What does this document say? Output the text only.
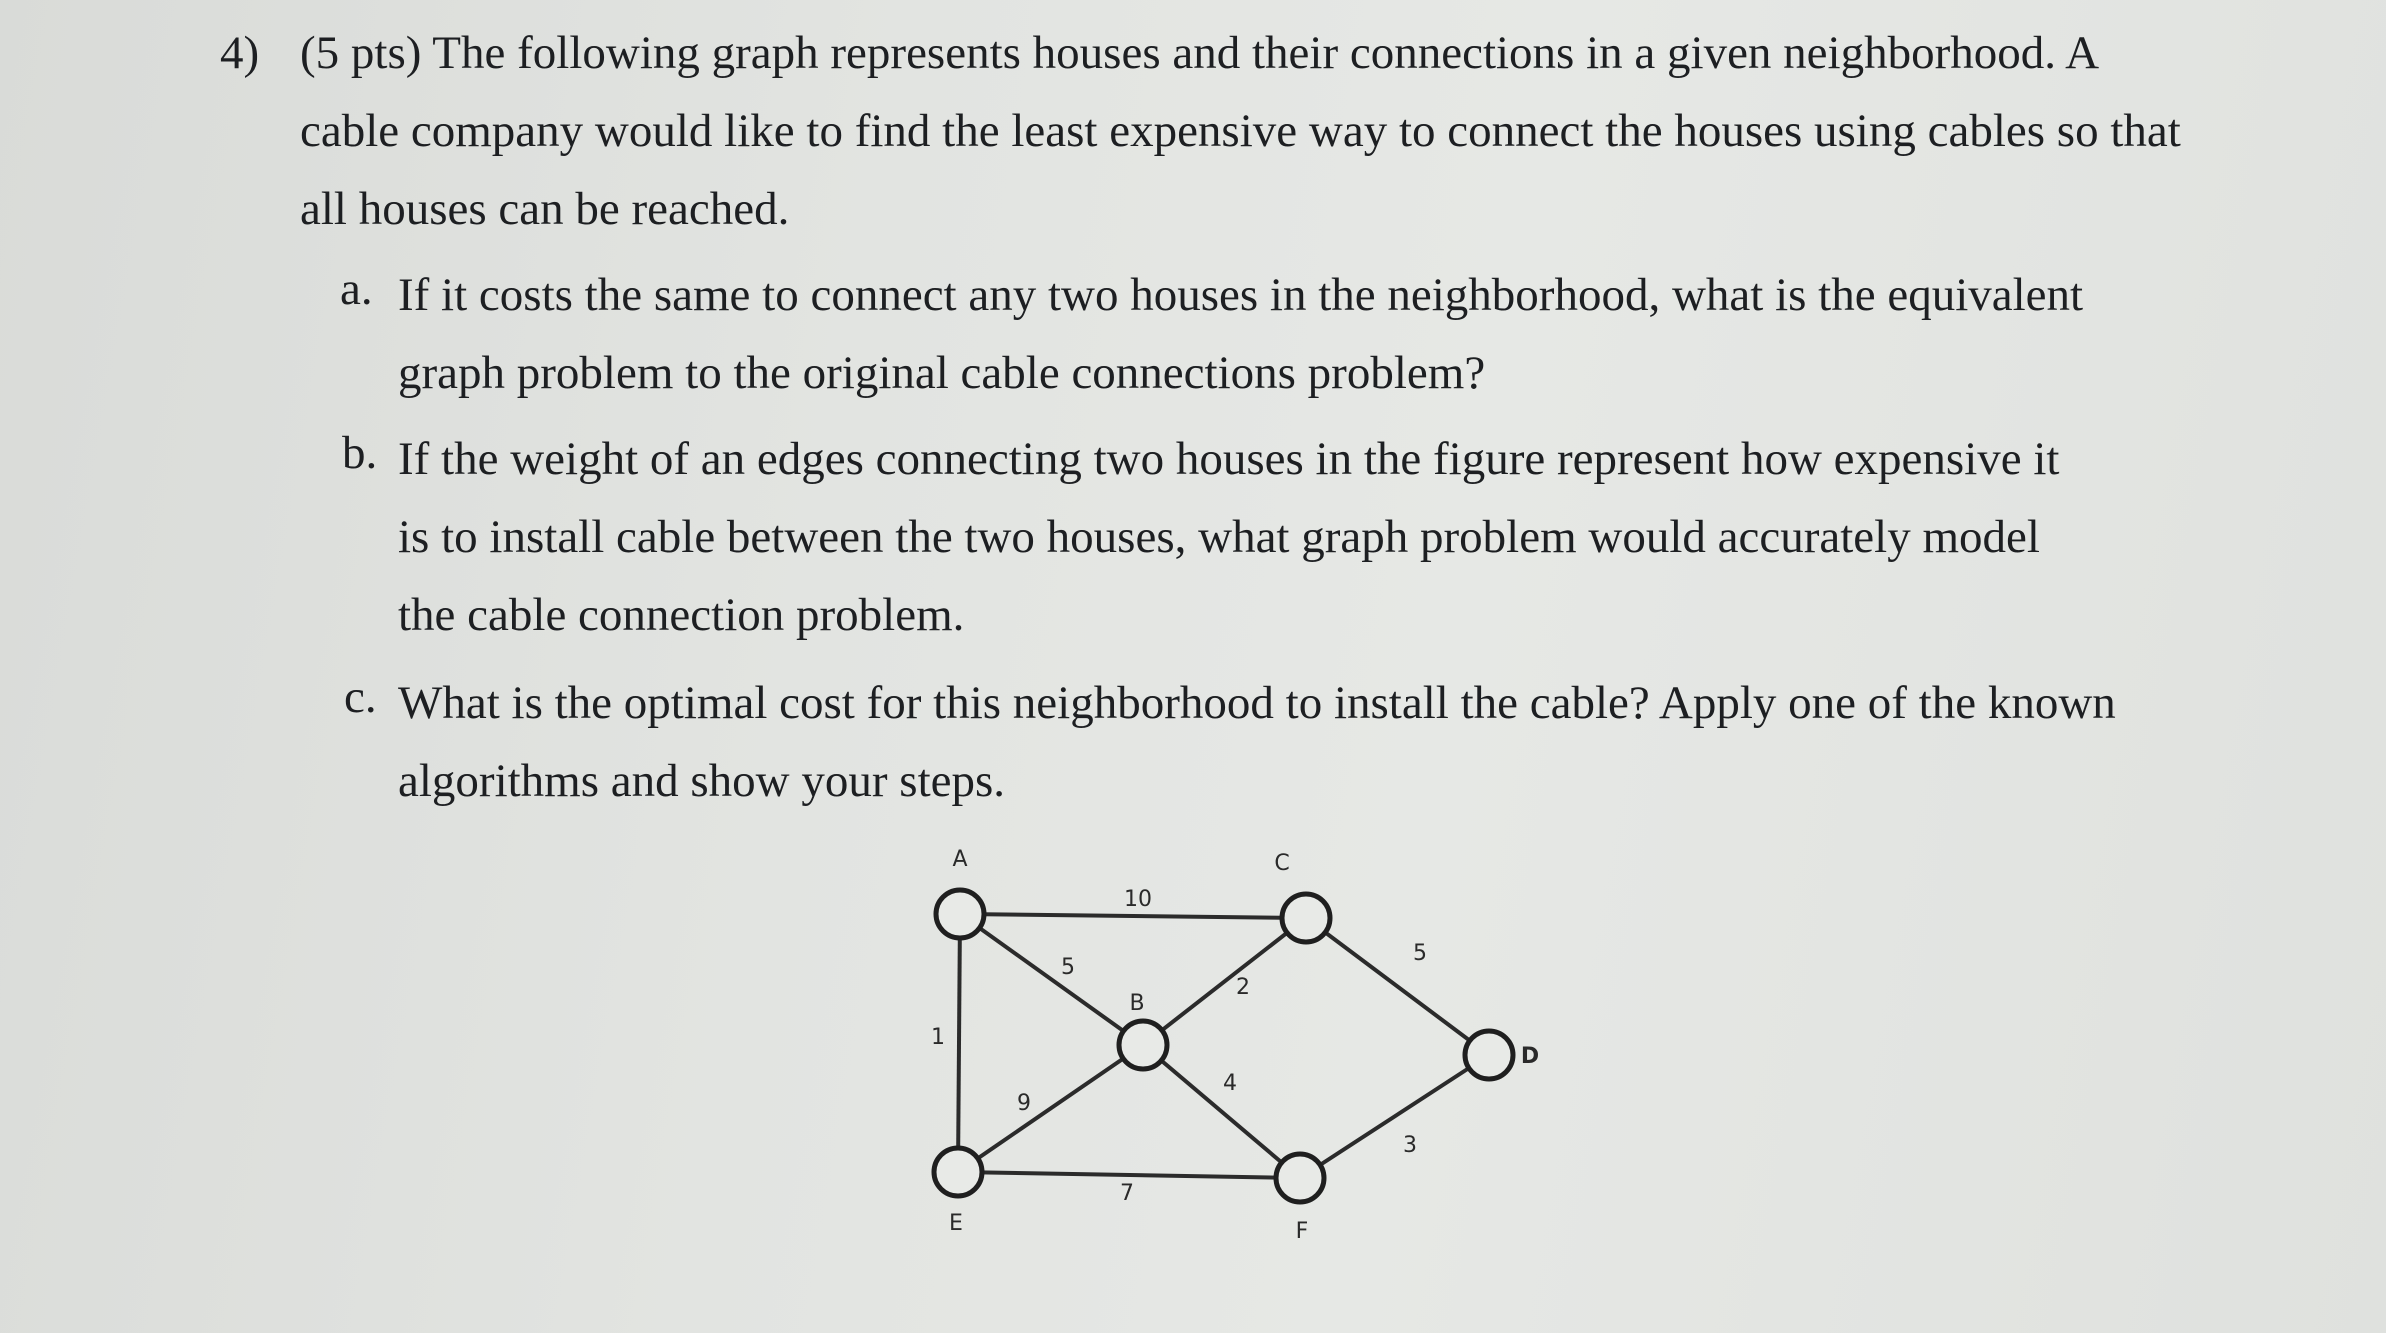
4) (5 pts) The following graph represents houses and their connections in a given neighborhood. A cable company would like to find the least expensive way to connect the houses using cables so that all houses can be reached.

a. If it costs the same to connect any two houses in the neighborhood, what is the equivalent graph problem to the original cable connections problem?

b. If the weight of an edges connecting two houses in the figure represent how expensive it is to install cable between the two houses, what graph problem would accurately model the cable connection problem.

c. What is the optimal cost for this neighborhood to install the cable? Apply one of the known algorithms and show your steps.

10
1
5
2
5
9
4
7
3
A
B
C
D
E	F
